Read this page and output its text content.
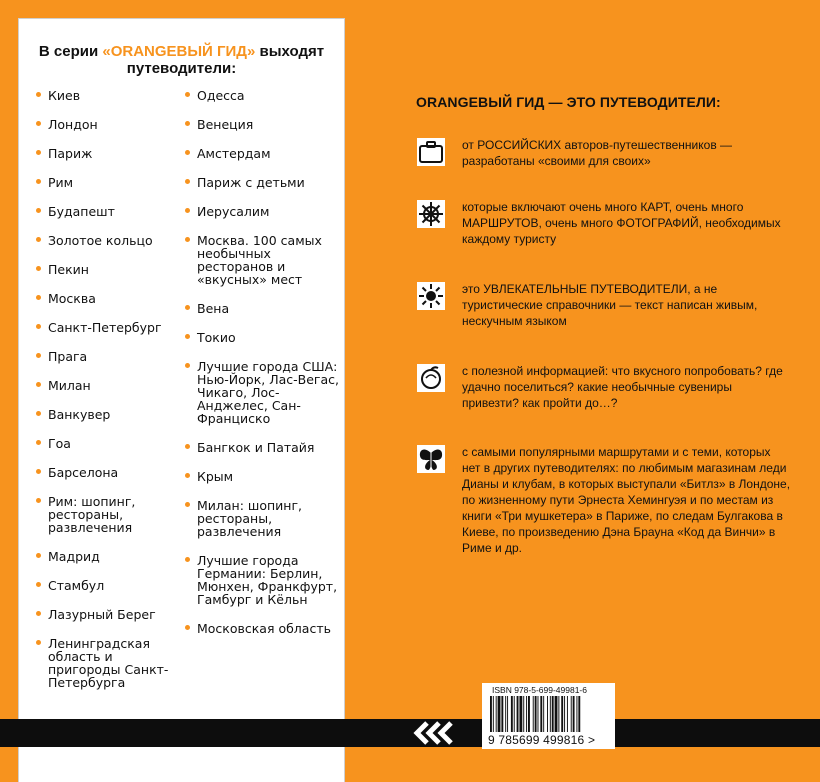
В серии «ORANGEВЫЙ ГИД» выходят
путеводители:
Киев
Лондон
Париж
Рим
Будапешт
Золотое кольцо
Пекин
Москва
Санкт-Петербург
Прага
Милан
Ванкувер
Гоа
Барселона
Рим: шопинг, рестораны, развлечения
Мадрид
Стамбул
Лазурный Берег
Ленинградская область и пригороды Санкт-Петербурга
Одесса
Венеция
Амстердам
Париж с детьми
Иерусалим
Москва. 100 самых необычных ресторанов и «вкусных» мест
Вена
Токио
Лучшие города США: Нью-Йорк, Лас-Вегас, Чикаго, Лос-Анджелес, Сан-Франциско
Бангкок и Патайя
Крым
Милан: шопинг, рестораны, развлечения
Лучшие города Германии: Берлин, Мюнхен, Франкфурт, Гамбург и Кёльн
Московская область
ORANGEВЫЙ ГИД — ЭТО ПУТЕВОДИТЕЛИ:
от РОССИЙСКИХ авторов-путешественников — разработаны «своими для своих»
которые включают очень много КАРТ, очень много МАРШРУТОВ, очень много ФОТОГРАФИЙ, необходимых каждому туристу
это УВЛЕКАТЕЛЬНЫЕ ПУТЕВОДИТЕЛИ, а не туристические справочники — текст написан живым, нескучным языком
с полезной информацией: что вкусного попробовать? где удачно поселиться? какие необычные сувениры привезти? как пройти до…?
с самыми популярными маршрутами и с теми, которых нет в других путеводителях: по любимым магазинам леди Дианы и клубам, в которых выступали «Битлз» в Лондоне, по жизненному пути Эрнеста Хемингуэя и по местам из книги «Три мушкетера» в Париже, по следам Булгакова в Киеве, по произведению Дэна Брауна «Код да Винчи» в Риме и др.
ISBN 978-5-699-49981-6
9 785699 499816 >
